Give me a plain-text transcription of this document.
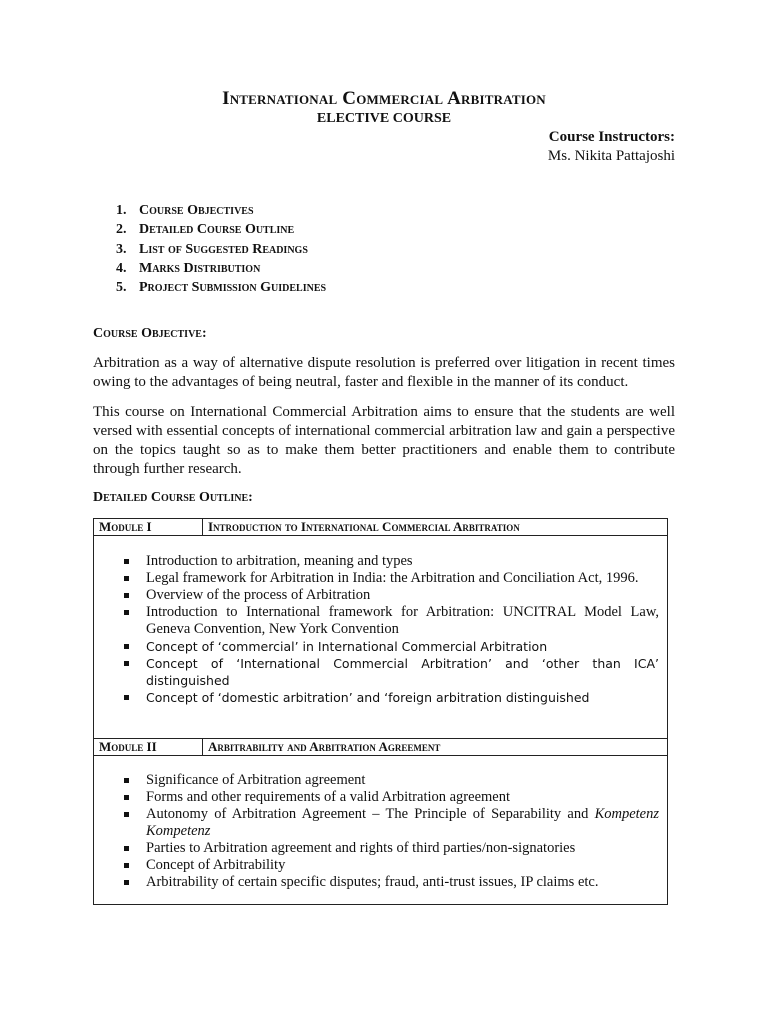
International Commercial Arbitration
ELECTIVE COURSE
Course Instructors:
Ms. Nikita Pattajoshi
1. Course Objectives
2. Detailed Course Outline
3. List of Suggested Readings
4. Marks Distribution
5. Project Submission Guidelines
Course Objective:

Arbitration as a way of alternative dispute resolution is preferred over litigation in recent times owing to the advantages of being neutral, faster and flexible in the manner of its conduct.

This course on International Commercial Arbitration aims to ensure that the students are well versed with essential concepts of international commercial arbitration law and gain a perspective on the topics taught so as to make them better practitioners and enable them to contribute through further research.

Detailed Course Outline:
Module I	Introduction to International Commercial Arbitration
Introduction to arbitration, meaning and types
Legal framework for Arbitration in India: the Arbitration and Conciliation Act, 1996.
Overview of the process of Arbitration
Introduction to International framework for Arbitration: UNCITRAL Model Law, Geneva Convention, New York Convention
Concept of ‘commercial’ in International Commercial Arbitration
Concept of ‘International Commercial Arbitration’ and ‘other than ICA’ distinguished
Concept of ‘domestic arbitration’ and ‘foreign arbitration distinguished
Module II	Arbitrability and Arbitration Agreement
Significance of Arbitration agreement
Forms and other requirements of a valid Arbitration agreement
Autonomy of Arbitration Agreement – The Principle of Separability and Kompetenz Kompetenz
Parties to Arbitration agreement and rights of third parties/non-signatories
Concept of Arbitrability
Arbitrability of certain specific disputes; fraud, anti-trust issues, IP claims etc.
